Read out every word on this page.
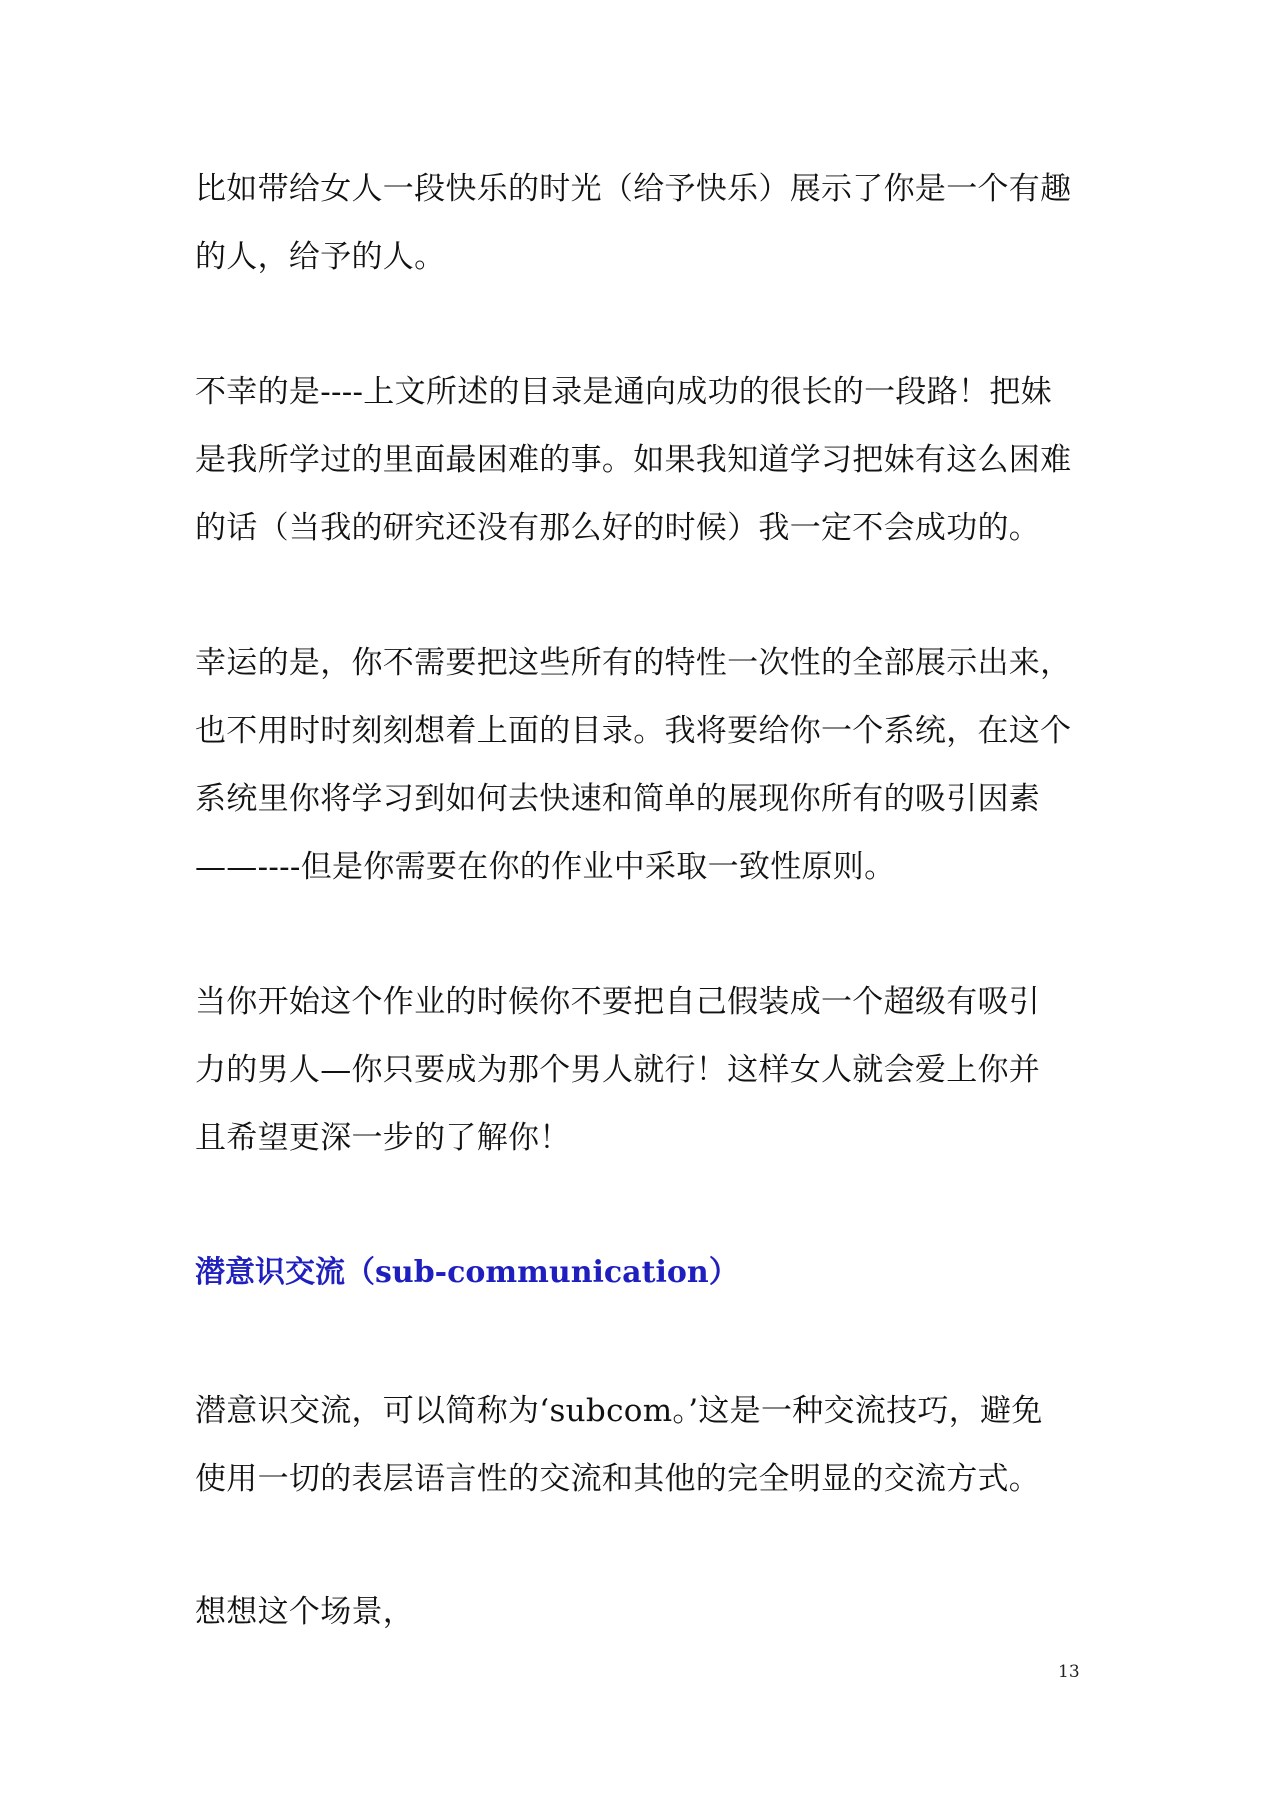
比如带给女人一段快乐的时光（给予快乐）展示了你是一个有趣

的人，给予的人。

不幸的是----上文所述的目录是通向成功的很长的一段路！把妹

是我所学过的里面最困难的事。如果我知道学习把妹有这么困难

的话（当我的研究还没有那么好的时候）我一定不会成功的。

幸运的是，你不需要把这些所有的特性一次性的全部展示出来，

也不用时时刻刻想着上面的目录。我将要给你一个系统，在这个

系统里你将学习到如何去快速和简单的展现你所有的吸引因素

——----但是你需要在你的作业中采取一致性原则。

当你开始这个作业的时候你不要把自己假装成一个超级有吸引

力的男人—你只要成为那个男人就行！这样女人就会爱上你并

且希望更深一步的了解你！

潜意识交流（sub-communication）

潜意识交流，可以简称为‘subcom。’这是一种交流技巧，避免

使用一切的表层语言性的交流和其他的完全明显的交流方式。

想想这个场景，

13
